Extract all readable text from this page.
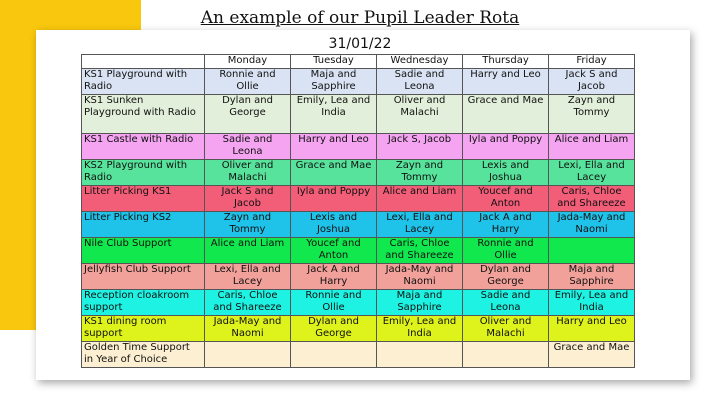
An example of our Pupil Leader Rota
31/01/22
	Monday	Tuesday	Wednesday	Thursday	Friday
KS1 Playground with Radio	Ronnie and Ollie	Maja and Sapphire	Sadie and Leona	Harry and Leo	Jack S and Jacob
KS1 Sunken Playground with Radio	Dylan and George	Emily, Lea and India	Oliver and Malachi	Grace and Mae	Zayn and Tommy
KS1 Castle with Radio	Sadie and Leona	Harry and Leo	Jack S, Jacob	Iyla and Poppy	Alice and Liam
KS2 Playground with Radio	Oliver and Malachi	Grace and Mae	Zayn and Tommy	Lexis and Joshua	Lexi, Ella and Lacey
Litter Picking KS1	Jack S and Jacob	Iyla and Poppy	Alice and Liam	Youcef and Anton	Caris, Chloe and Shareeze
Litter Picking KS2	Zayn and Tommy	Lexis and Joshua	Lexi, Ella and Lacey	Jack A and Harry	Jada-May and Naomi
Nile Club Support	Alice and Liam	Youcef and Anton	Caris, Chloe and Shareeze	Ronnie and Ollie	
Jellyfish Club Support	Lexi, Ella and Lacey	Jack A and Harry	Jada-May and Naomi	Dylan and George	Maja and Sapphire
Reception cloakroom support	Caris, Chloe and Shareeze	Ronnie and Ollie	Maja and Sapphire	Sadie and Leona	Emily, Lea and India
KS1 dining room support	Jada-May and Naomi	Dylan and George	Emily, Lea and India	Oliver and Malachi	Harry and Leo
Golden Time Support in Year of Choice					Grace and Mae
